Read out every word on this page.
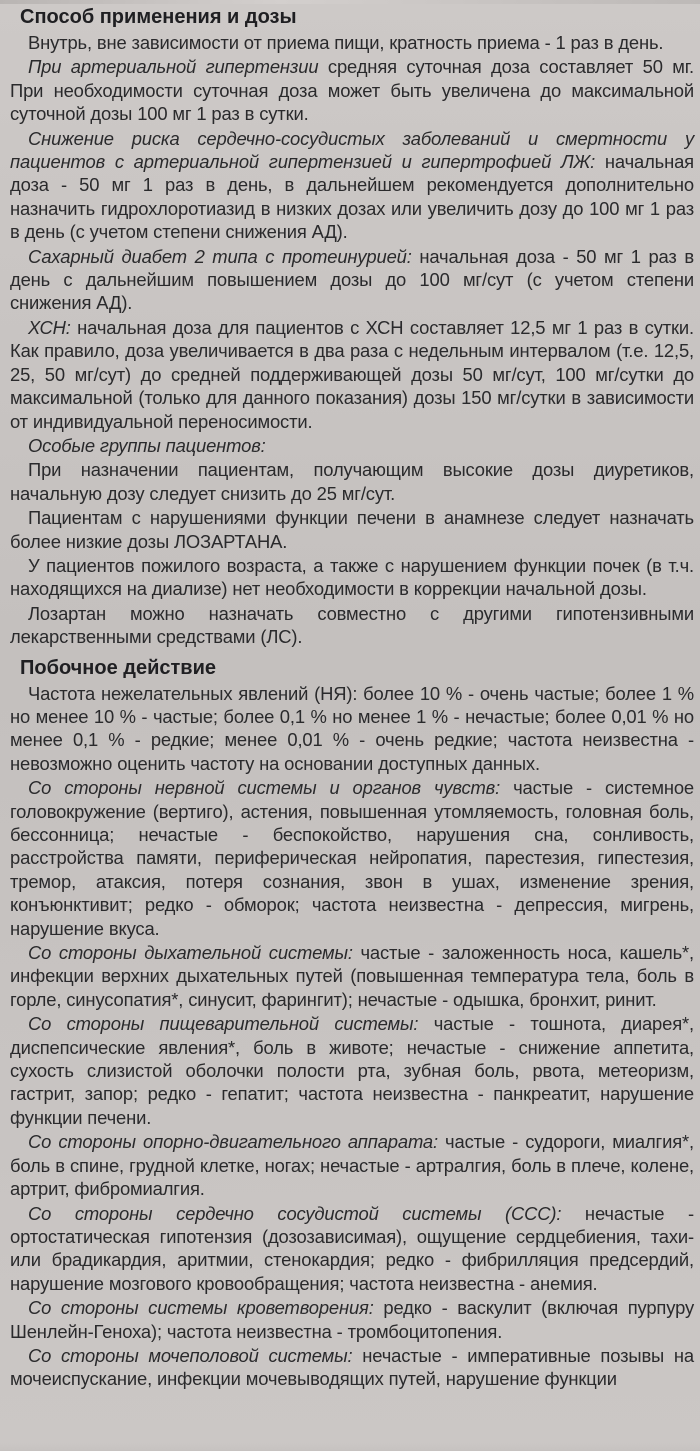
Способ применения и дозы

Внутрь, вне зависимости от приема пищи, кратность приема - 1 раз в день.

При артериальной гипертензии средняя суточная доза составляет 50 мг. При необходимости суточная доза может быть увеличена до максимальной суточной дозы 100 мг 1 раз в сутки.

Снижение риска сердечно-сосудистых заболеваний и смертности у пациентов с артериальной гипертензией и гипертрофией ЛЖ: начальная доза - 50 мг 1 раз в день, в дальнейшем рекомендуется дополнительно назначить гидрохлоротиазид в низких дозах или увеличить дозу до 100 мг 1 раз в день (с учетом степени снижения АД).

Сахарный диабет 2 типа с протеинурией: начальная доза - 50 мг 1 раз в день с дальнейшим повышением дозы до 100 мг/сут (с учетом степени снижения АД).

ХСН: начальная доза для пациентов с ХСН составляет 12,5 мг 1 раз в сутки. Как правило, доза увеличивается в два раза с недельным интервалом (т.е. 12,5, 25, 50 мг/сут) до средней поддерживающей дозы 50 мг/сут, 100 мг/сутки до максимальной (только для данного показания) дозы 150 мг/сутки в зависимости от индивидуальной переносимости.

Особые группы пациентов:

При назначении пациентам, получающим высокие дозы диуретиков, начальную дозу следует снизить до 25 мг/сут.

Пациентам с нарушениями функции печени в анамнезе следует назначать более низкие дозы ЛОЗАРТАНА.

У пациентов пожилого возраста, а также с нарушением функции почек (в т.ч. находящихся на диализе) нет необходимости в коррекции начальной дозы.

Лозартан можно назначать совместно с другими гипотензивными лекарственными средствами (ЛС).

Побочное действие

Частота нежелательных явлений (НЯ): более 10 % - очень частые; более 1 % но менее 10 % - частые; более 0,1 % но менее 1 % - нечастые; более 0,01 % но менее 0,1 % - редкие; менее 0,01 % - очень редкие; частота неизвестна - невозможно оценить частоту на основании доступных данных.

Со стороны нервной системы и органов чувств: частые - системное головокружение (вертиго), астения, повышенная утомляемость, головная боль, бессонница; нечастые - беспокойство, нарушения сна, сонливость, расстройства памяти, периферическая нейропатия, парестезия, гипестезия, тремор, атаксия, потеря сознания, звон в ушах, изменение зрения, конъюнктивит; редко - обморок; частота неизвестна - депрессия, мигрень, нарушение вкуса.

Со стороны дыхательной системы: частые - заложенность носа, кашель*, инфекции верхних дыхательных путей (повышенная температура тела, боль в горле, синусопатия*, синусит, фарингит); нечастые - одышка, бронхит, ринит.

Со стороны пищеварительной системы: частые - тошнота, диарея*, диспепсические явления*, боль в животе; нечастые - снижение аппетита, сухость слизистой оболочки полости рта, зубная боль, рвота, метеоризм, гастрит, запор; редко - гепатит; частота неизвестна - панкреатит, нарушение функции печени.

Со стороны опорно-двигательного аппарата: частые - судороги, миалгия*, боль в спине, грудной клетке, ногах; нечастые - артралгия, боль в плече, колене, артрит, фибромиалгия.

Со стороны сердечно сосудистой системы (ССС): нечастые - ортостатическая гипотензия (дозозависимая), ощущение сердцебиения, тахи- или брадикардия, аритмии, стенокардия; редко - фибрилляция предсердий, нарушение мозгового кровообращения; частота неизвестна - анемия.

Со стороны системы кроветворения: редко - васкулит (включая пурпуру Шенлейн-Геноха); частота неизвестна - тромбоцитопения.

Со стороны мочеполовой системы: нечастые - императивные позывы на мочеиспускание, инфекции мочевыводящих путей, нарушение функции
